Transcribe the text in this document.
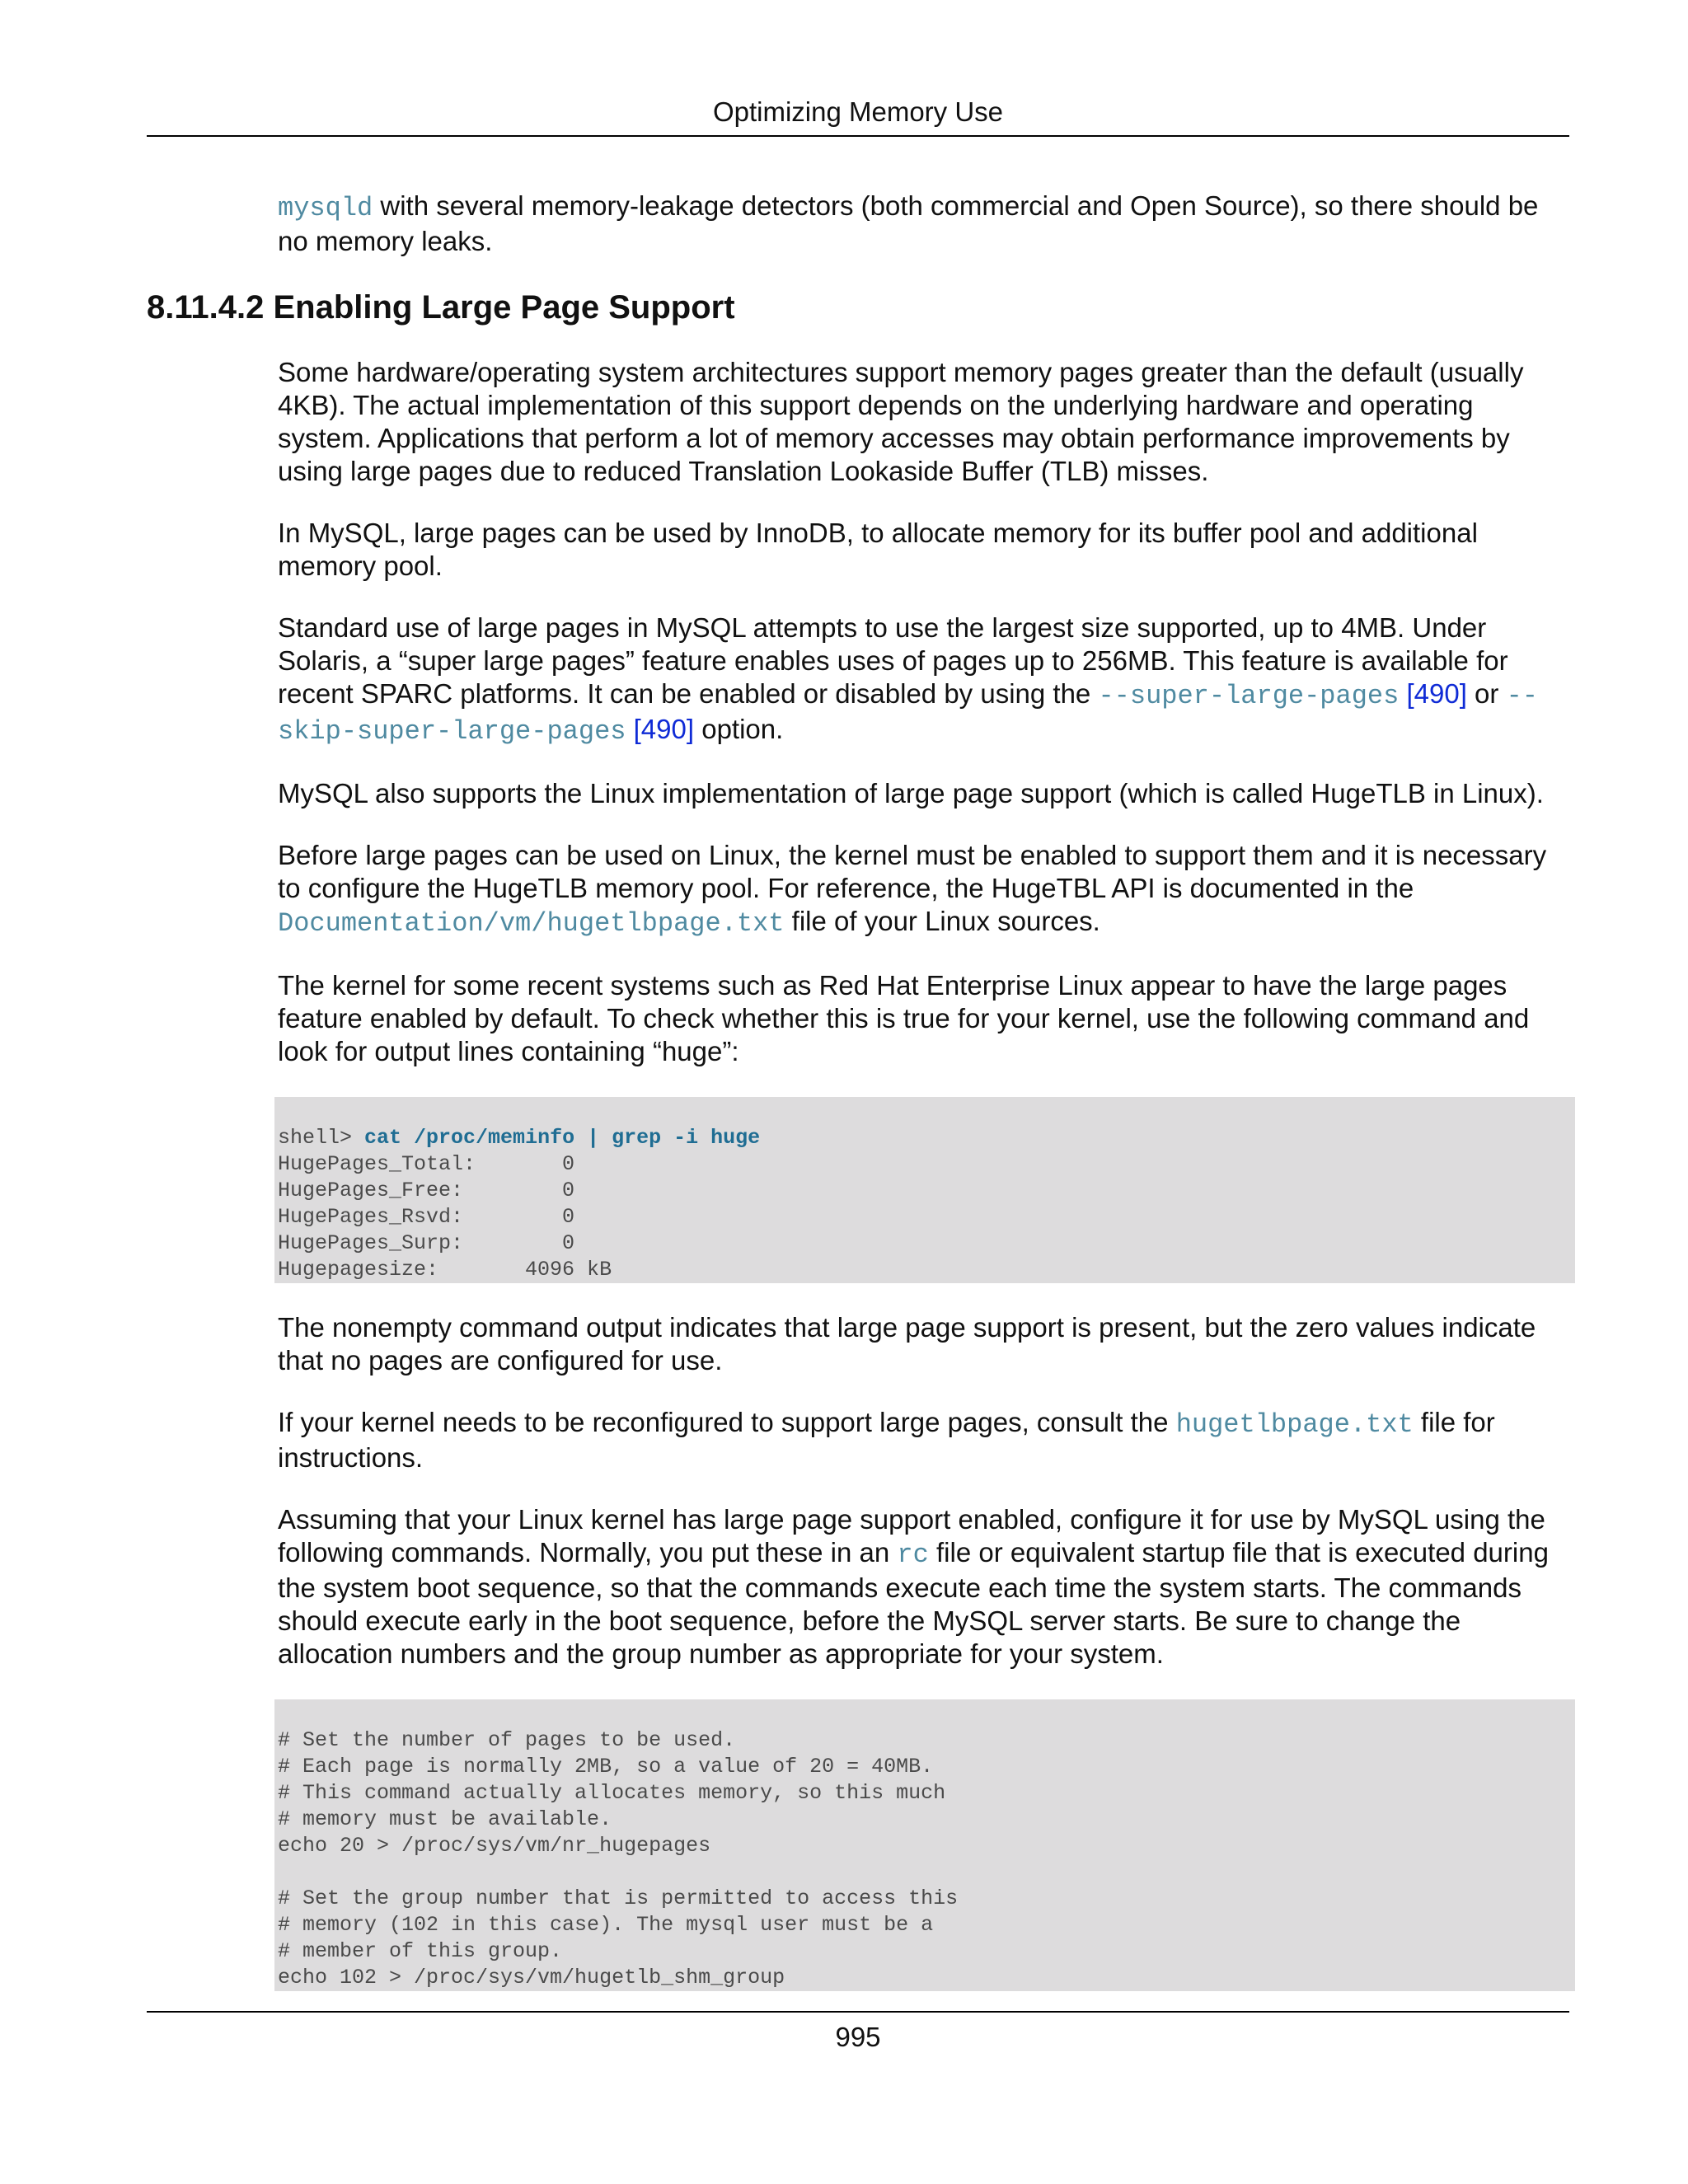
Optimizing Memory Use

mysqld with several memory-leakage detectors (both commercial and Open Source), so there should be no memory leaks.

8.11.4.2 Enabling Large Page Support

Some hardware/operating system architectures support memory pages greater than the default (usually 4KB). The actual implementation of this support depends on the underlying hardware and operating system. Applications that perform a lot of memory accesses may obtain performance improvements by using large pages due to reduced Translation Lookaside Buffer (TLB) misses.

In MySQL, large pages can be used by InnoDB, to allocate memory for its buffer pool and additional memory pool.

Standard use of large pages in MySQL attempts to use the largest size supported, up to 4MB. Under Solaris, a “super large pages” feature enables uses of pages up to 256MB. This feature is available for recent SPARC platforms. It can be enabled or disabled by using the --super-large-pages [490] or --skip-super-large-pages [490] option.

MySQL also supports the Linux implementation of large page support (which is called HugeTLB in Linux).

Before large pages can be used on Linux, the kernel must be enabled to support them and it is necessary to configure the HugeTLB memory pool. For reference, the HugeTBL API is documented in the Documentation/vm/hugetlbpage.txt file of your Linux sources.

The kernel for some recent systems such as Red Hat Enterprise Linux appear to have the large pages feature enabled by default. To check whether this is true for your kernel, use the following command and look for output lines containing “huge”:

shell> cat /proc/meminfo | grep -i huge
HugePages_Total:       0
HugePages_Free:        0
HugePages_Rsvd:        0
HugePages_Surp:        0
Hugepagesize:       4096 kB

The nonempty command output indicates that large page support is present, but the zero values indicate that no pages are configured for use.

If your kernel needs to be reconfigured to support large pages, consult the hugetlbpage.txt file for instructions.

Assuming that your Linux kernel has large page support enabled, configure it for use by MySQL using the following commands. Normally, you put these in an rc file or equivalent startup file that is executed during the system boot sequence, so that the commands execute each time the system starts. The commands should execute early in the boot sequence, before the MySQL server starts. Be sure to change the allocation numbers and the group number as appropriate for your system.

# Set the number of pages to be used.
# Each page is normally 2MB, so a value of 20 = 40MB.
# This command actually allocates memory, so this much
# memory must be available.
echo 20 > /proc/sys/vm/nr_hugepages
# Set the group number that is permitted to access this
# memory (102 in this case). The mysql user must be a
# member of this group.
echo 102 > /proc/sys/vm/hugetlb_shm_group
995
